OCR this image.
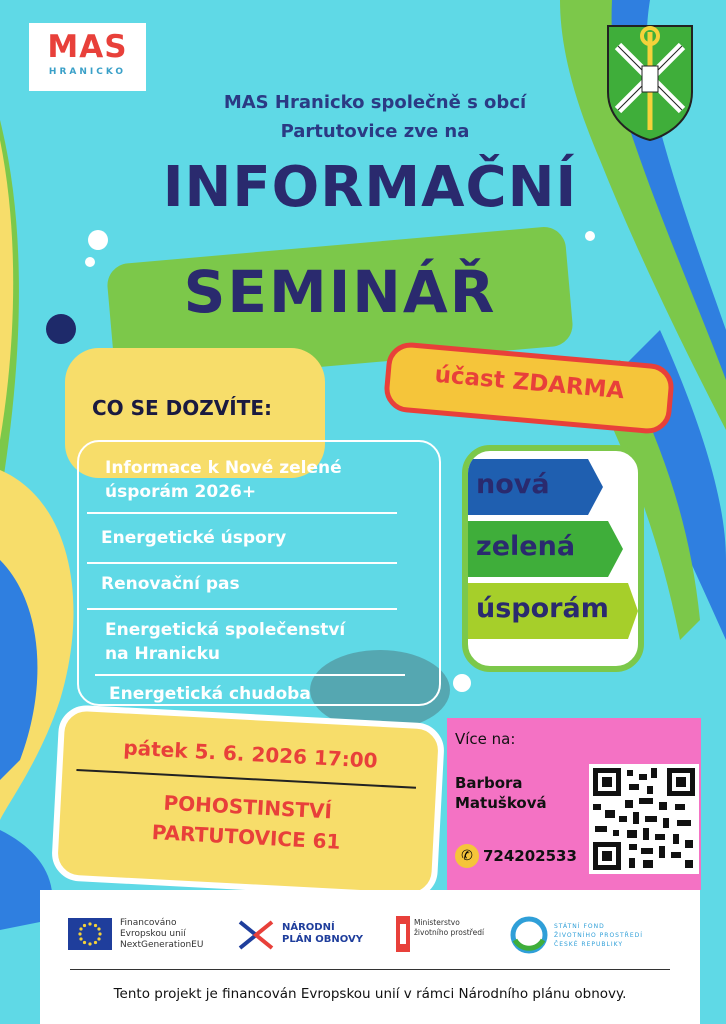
MAS
HRANICKO
MAS Hranicko společně s obcí
Partutovice zve na
INFORMAČNÍ
SEMINÁŘ
účast ZDARMA
CO SE DOZVÍTE:
Informace k Nové zelené
úsporám 2026+
Energetické úspory
Renovační pas
Energetická společenství
na Hranicku
Energetická chudoba
nová
zelená
úsporám
pátek 5. 6. 2026 17:00
POHOSTINSTVÍ
PARTUTOVICE 61
Více na:
Barbora
Matušková
✆ 724202533
Financováno
Evropskou unií
NextGenerationEU
NÁRODNÍ
PLÁN OBNOVY
Ministerstvo
životního prostředí
STÁTNÍ FOND
ŽIVOTNÍHO PROSTŘEDÍ
ČESKÉ REPUBLIKY
Tento projekt je financován Evropskou unií v rámci Národního plánu obnovy.
